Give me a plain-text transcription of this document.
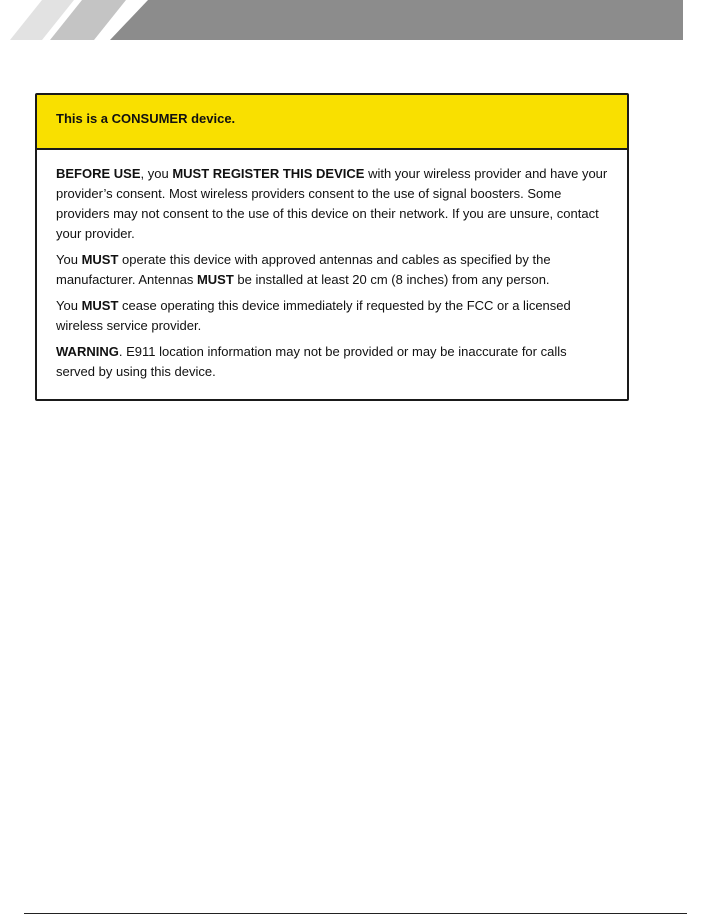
This is a CONSUMER device.

BEFORE USE, you MUST REGISTER THIS DEVICE with your wireless provider and have your provider’s consent. Most wireless providers consent to the use of signal boosters. Some providers may not consent to the use of this device on their network. If you are unsure, contact your provider.

You MUST operate this device with approved antennas and cables as specified by the manufacturer. Antennas MUST be installed at least 20 cm (8 inches) from any person.

You MUST cease operating this device immediately if requested by the FCC or a licensed wireless service provider.

WARNING. E911 location information may not be provided or may be inaccurate for calls served by using this device.
